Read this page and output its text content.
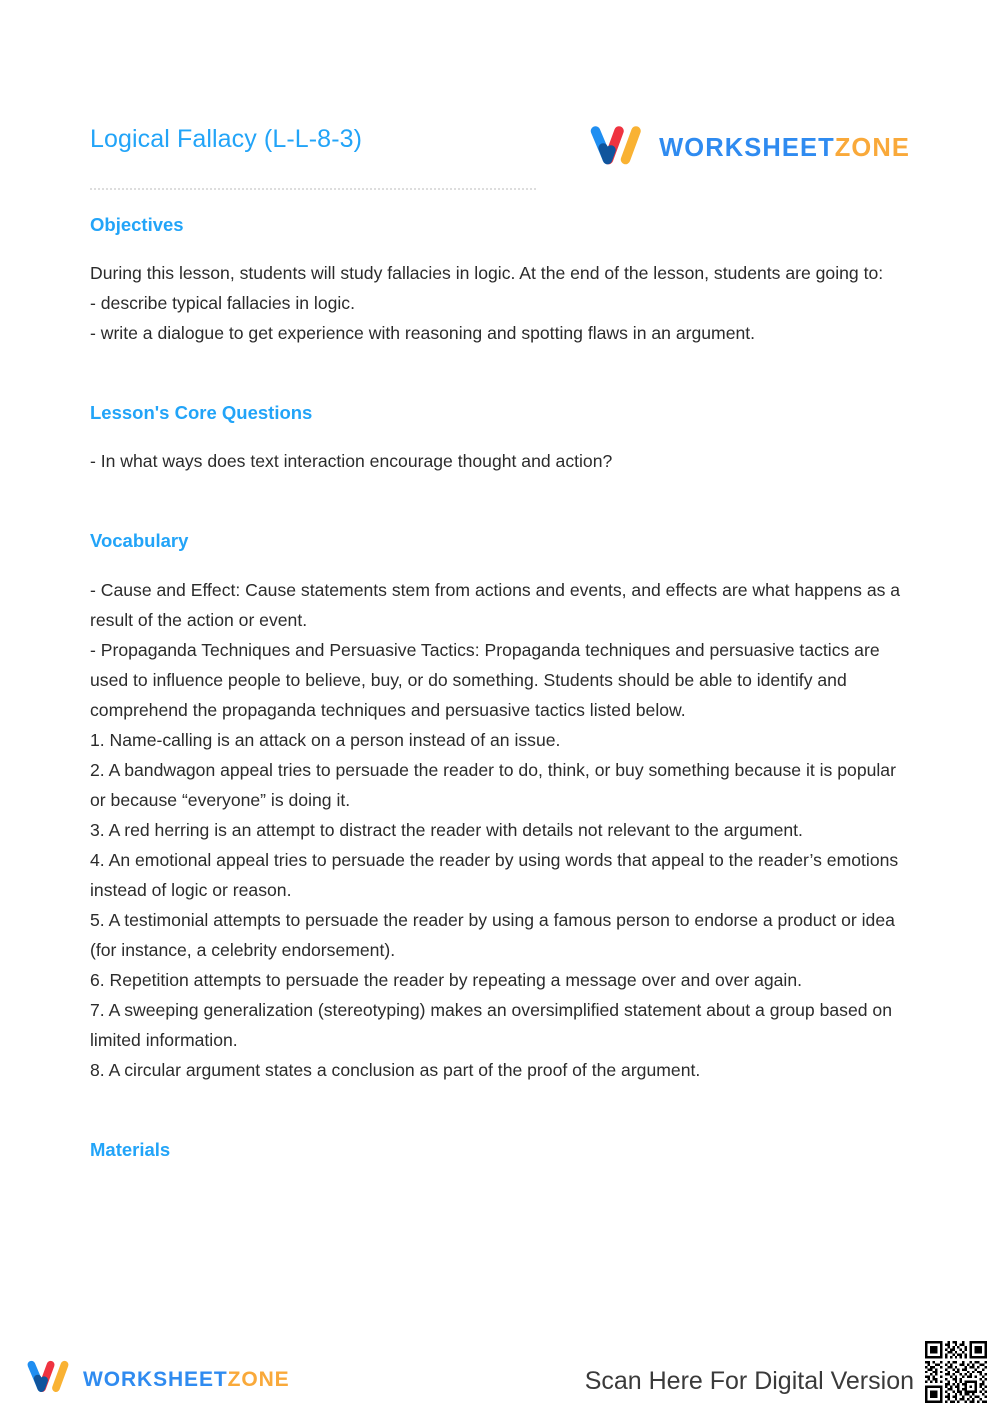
Logical Fallacy (L-L-8-3)	WORKSHEETZONE
Objectives

During this lesson, students will study fallacies in logic. At the end of the lesson, students are going to:

- describe typical fallacies in logic.

- write a dialogue to get experience with reasoning and spotting flaws in an argument.

Lesson's Core Questions

- In what ways does text interaction encourage thought and action?

Vocabulary

- Cause and Effect: Cause statements stem from actions and events, and effects are what happens as a result of the action or event.

- Propaganda Techniques and Persuasive Tactics: Propaganda techniques and persuasive tactics are used to influence people to believe, buy, or do something. Students should be able to identify and comprehend the propaganda techniques and persuasive tactics listed below.

1. Name-calling is an attack on a person instead of an issue.

2. A bandwagon appeal tries to persuade the reader to do, think, or buy something because it is popular or because “everyone” is doing it.

3. A red herring is an attempt to distract the reader with details not relevant to the argument.

4. An emotional appeal tries to persuade the reader by using words that appeal to the reader’s emotions instead of logic or reason.

5. A testimonial attempts to persuade the reader by using a famous person to endorse a product or idea (for instance, a celebrity endorsement).

6. Repetition attempts to persuade the reader by repeating a message over and over again.

7. A sweeping generalization (stereotyping) makes an oversimplified statement about a group based on limited information.

8. A circular argument states a conclusion as part of the proof of the argument.

Materials
WORKSHEETZONE	Scan Here For Digital Version
